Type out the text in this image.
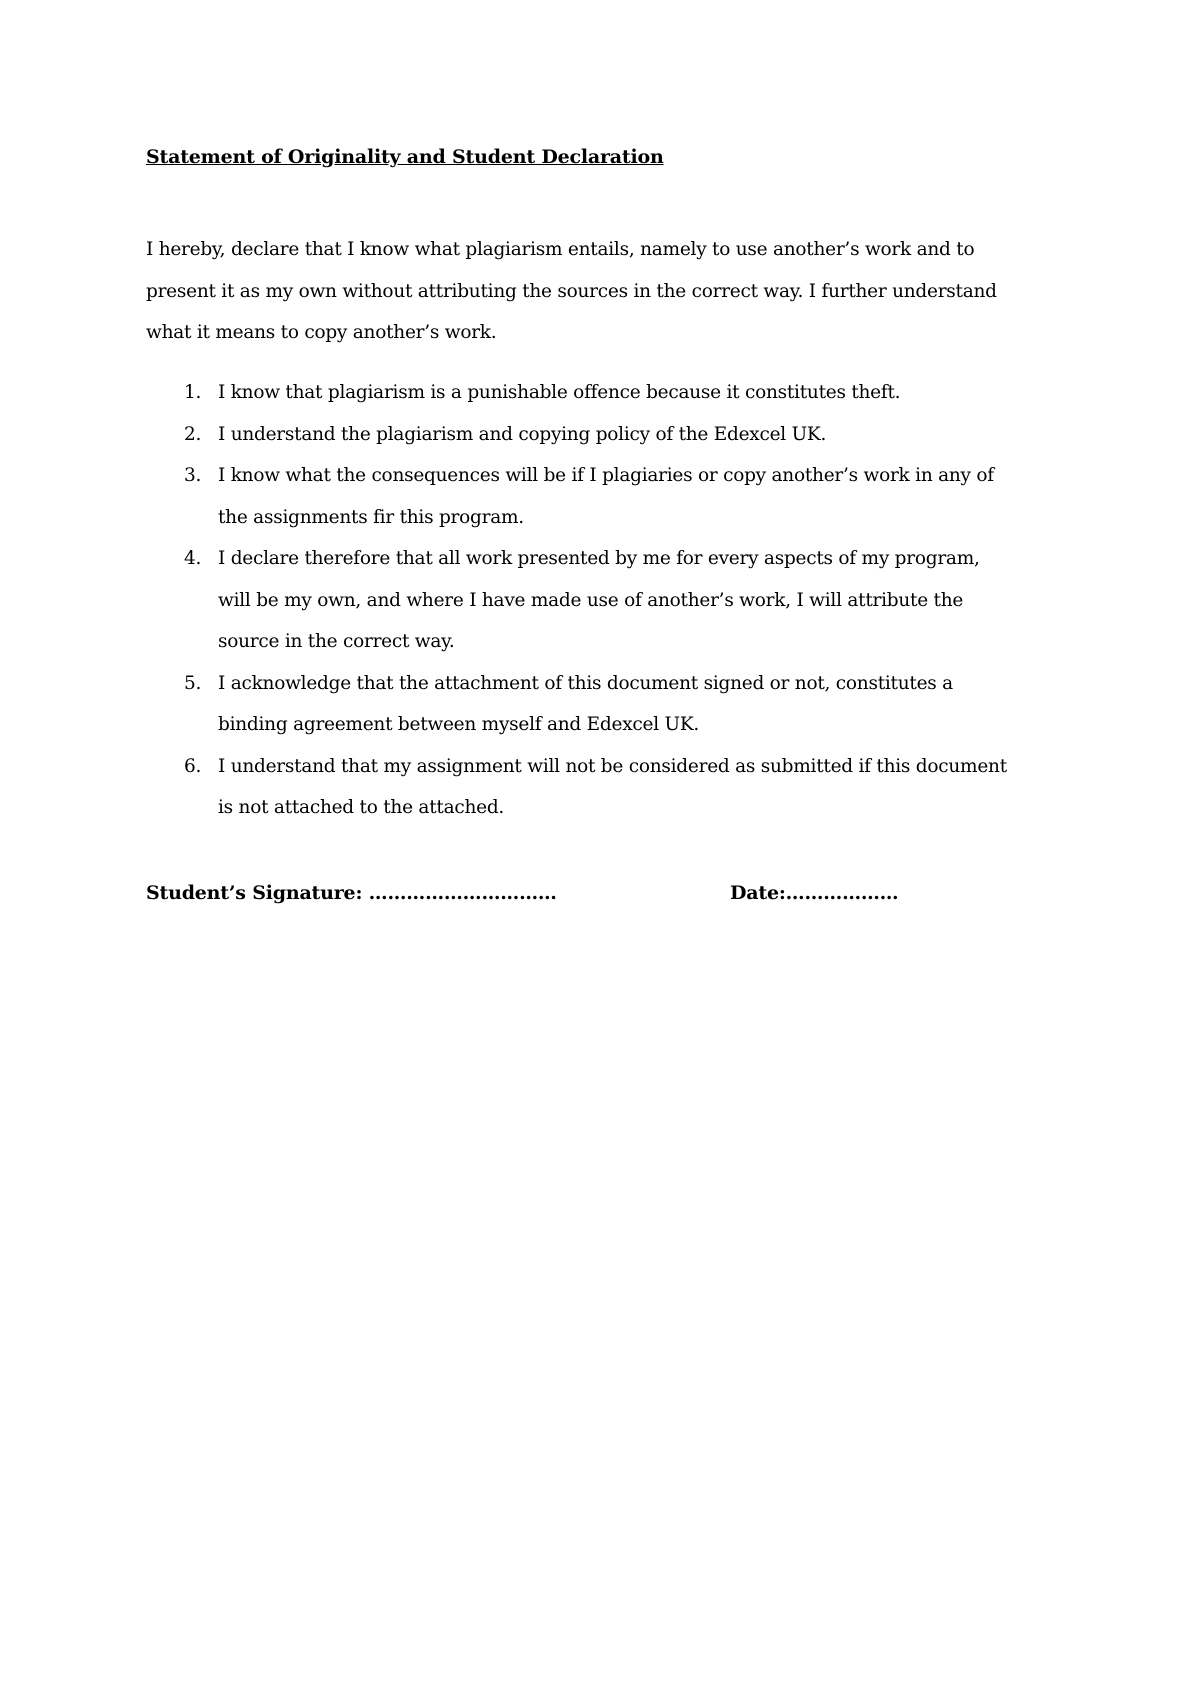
Statement of Originality and Student Declaration
I hereby, declare that I know what plagiarism entails, namely to use another’s work and to
present it as my own without attributing the sources in the correct way. I further understand
what it means to copy another’s work.
1. I know that plagiarism is a punishable offence because it constitutes theft.
2. I understand the plagiarism and copying policy of the Edexcel UK.
3. I know what the consequences will be if I plagiaries or copy another’s work in any of
the assignments fir this program.
4. I declare therefore that all work presented by me for every aspects of my program,
will be my own, and where I have made use of another’s work, I will attribute the
source in the correct way.
5. I acknowledge that the attachment of this document signed or not, constitutes a
binding agreement between myself and Edexcel UK.
6. I understand that my assignment will not be considered as submitted if this document
is not attached to the attached.
Student’s Signature: …………………………	Date:………………
